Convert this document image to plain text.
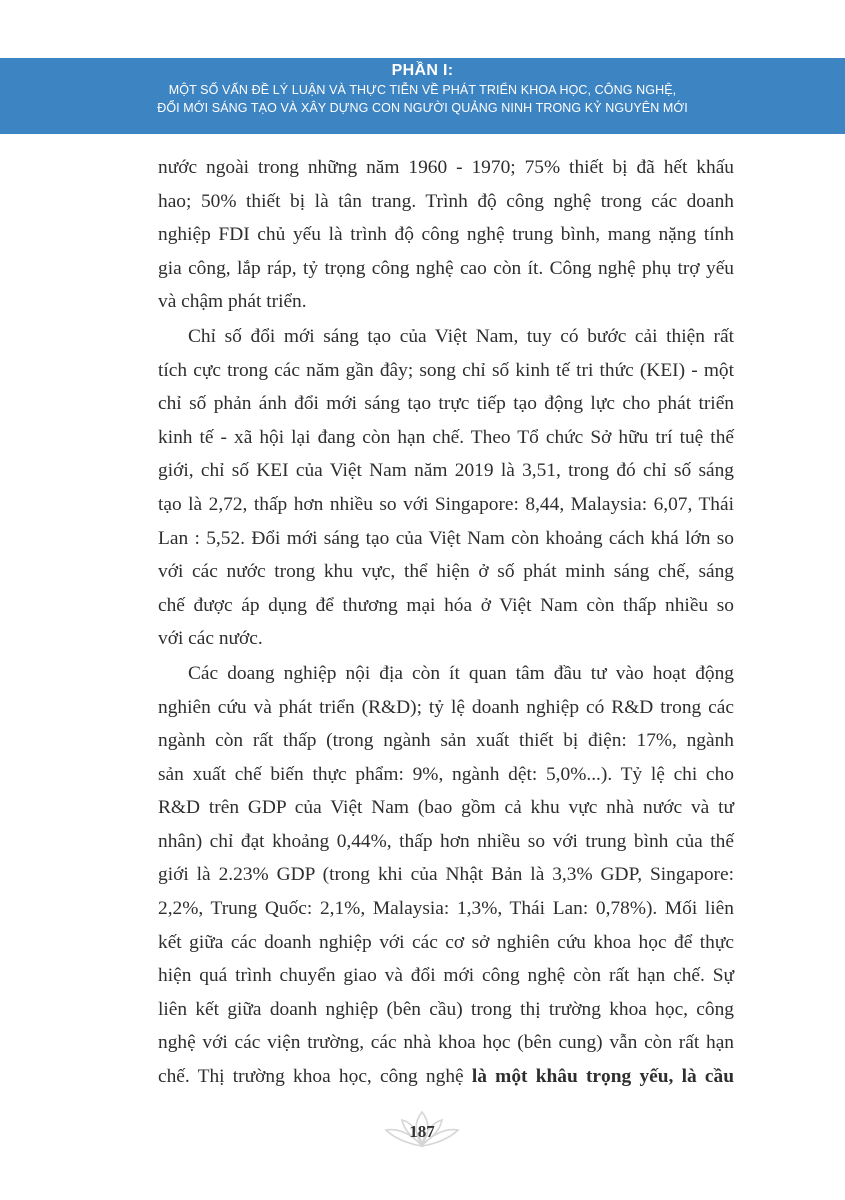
PHẦN I:
MỘT SỐ VẤN ĐỀ LÝ LUẬN VÀ THỰC TIỄN VỀ PHÁT TRIỂN KHOA HỌC, CÔNG NGHỆ,
ĐỔI MỚI SÁNG TẠO VÀ XÂY DỰNG CON NGƯỜI QUẢNG NINH TRONG KỶ NGUYÊN MỚI
nước ngoài trong những năm 1960 - 1970; 75% thiết bị đã hết khấu
hao; 50% thiết bị là tân trang. Trình độ công nghệ trong các doanh
nghiệp FDI chủ yếu là trình độ công nghệ trung bình, mang nặng tính
gia công, lắp ráp, tỷ trọng công nghệ cao còn ít. Công nghệ phụ trợ yếu
và chậm phát triển.
Chỉ số đổi mới sáng tạo của Việt Nam, tuy có bước cải thiện rất
tích cực trong các năm gần đây; song chỉ số kinh tế tri thức (KEI) - một
chỉ số phản ánh đổi mới sáng tạo trực tiếp tạo động lực cho phát triển
kinh tế - xã hội lại đang còn hạn chế. Theo Tổ chức Sở hữu trí tuệ thế
giới, chỉ số KEI của Việt Nam năm 2019 là 3,51, trong đó chỉ số sáng
tạo là 2,72, thấp hơn nhiều so với Singapore: 8,44, Malaysia: 6,07, Thái
Lan : 5,52. Đổi mới sáng tạo của Việt Nam còn khoảng cách khá lớn so
với các nước trong khu vực, thể hiện ở số phát minh sáng chế, sáng
chế được áp dụng để thương mại hóa ở Việt Nam còn thấp nhiều so
với các nước.
Các doang nghiệp nội địa còn ít quan tâm đầu tư vào hoạt động
nghiên cứu và phát triển (R&D); tỷ lệ doanh nghiệp có R&D trong các
ngành còn rất thấp (trong ngành sản xuất thiết bị điện: 17%, ngành
sản xuất chế biến thực phẩm: 9%, ngành dệt: 5,0%...). Tỷ lệ chi cho
R&D trên GDP của Việt Nam (bao gồm cả khu vực nhà nước và tư
nhân) chỉ đạt khoảng 0,44%, thấp hơn nhiều so với trung bình của thế
giới là 2.23% GDP (trong khi của Nhật Bản là 3,3% GDP, Singapore:
2,2%, Trung Quốc: 2,1%, Malaysia: 1,3%, Thái Lan: 0,78%). Mối liên
kết giữa các doanh nghiệp với các cơ sở nghiên cứu khoa học để thực
hiện quá trình chuyển giao và đổi mới công nghệ còn rất hạn chế. Sự
liên kết giữa doanh nghiệp (bên cầu) trong thị trường khoa học, công
nghệ với các viện trường, các nhà khoa học (bên cung) vẫn còn rất hạn
chế. Thị trường khoa học, công nghệ là một khâu trọng yếu, là cầu
187
